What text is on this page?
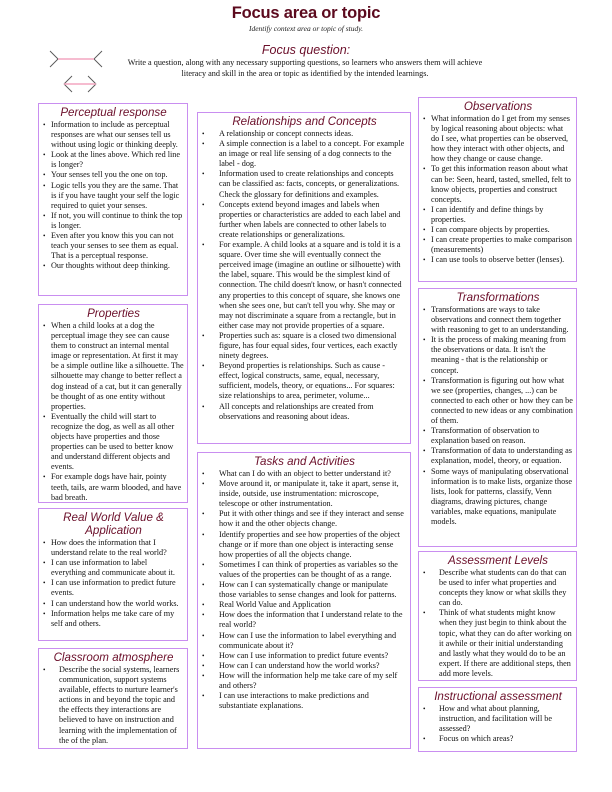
Focus area or topic
Identify context area or topic of study.
Focus question:
Write a question, along with any necessary supporting questions, so learners who answers them will achieve literacy and skill in the area or topic as identified by the intended learnings.
Perceptual response
• Information to include as perceptual responses are what our senses tell us without using logic or thinking deeply.
• Look at the lines above. Which red line is longer?
• Your senses tell you the one on top.
• Logic tells you they are the same. That is if you have taught your self the logic required to quiet your senses.
• If not, you will continue to think the top is longer.
• Even after you know this you can not teach your senses to see them as equal. That is a perceptual response.
• Our thoughts without deep thinking.
Properties
• When a child looks at a dog the perceptual image they see can cause them to construct an internal mental image or representation. At first it may be a simple outline like a silhouette. The silhouette may change to better reflect a dog instead of a cat, but it can generally be thought of as one entity without properties.
• Eventually the child will start to recognize the dog, as well as all other objects have properties and those properties can be used to better know and understand different objects and events.
• For example dogs have hair, pointy teeth, tails, are warm blooded, and have bad breath.
Real World Value & Application
• How does the information that I understand relate to the real world?
• I can use information to label everything and communicate about it.
• I can use information to predict future events.
• I can understand how the world works.
• Information helps me take care of my self and others.
Classroom atmosphere
• Describe the social systems, learners communication, support systems available, effects to nurture learner's actions in and beyond the topic and the effects they interactions are believed to have on instruction and learning with the implementation of the of the plan.
Relationships and Concepts
• A relationship or concept connects ideas.
• A simple connection is a label to a concept. For example an image or real life sensing of a dog connects to the label - dog.
• Information used to create relationships and concepts can be classified as: facts, concepts, or generalizations. Check the glossary for definitions and examples.
• Concepts extend beyond images and labels when properties or characteristics are added to each label and further when labels are connected to other labels to create relationships or generalizations.
• For example. A child looks at a square and is told it is a square. Over time she will eventually connect the perceived image (imagine an outline or silhouette) with the label, square. This would be the simplest kind of connection. The child doesn't know, or hasn't connected any properties to this concept of square, she knows one when she sees one, but can't tell you why. She may or may not discriminate a square from a rectangle, but in either case may not provide properties of a square.
• Properties such as: square is a closed two dimensional figure, has four equal sides, four vertices, each exactly ninety degrees.
• Beyond properties is relationships. Such as cause - effect, logical constructs, same, equal, necessary, sufficient, models, theory, or equations... For squares: size relationships to area, perimeter, volume...
• All concepts and relationships are created from observations and reasoning about ideas.
Tasks and Activities
• What can I do with an object to better understand it?
• Move around it, or manipulate it, take it apart, sense it, inside, outside, use instrumentation: microscope, telescope or other instrumentation.
• Put it with other things and see if they interact and sense how it and the other objects change.
• Identify properties and see how properties of the object change or if more than one object is interacting sense how properties of all the objects change.
• Sometimes I can think of properties as variables so the values of the properties can be thought of as a range.
• How can I can systematically change or manipulate those variables to sense changes and look for patterns.
• Real World Value and Application
• How does the information that I understand relate to the real world?
• How can I use the information to label everything and communicate about it?
• How can I use information to predict future events?
• How can I can understand how the world works?
• How will the information help me take care of my self and others?
• I can use interactions to make predictions and substantiate explanations.
Observations
• What information do I get from my senses by logical reasoning about objects: what do I see, what properties can be observed, how they interact with other objects, and how they change or cause change.
• To get this information reason about what can be: Seen, heard, tasted, smelled, felt to know objects, properties and construct concepts.
• I can identify and define things by properties.
• I can compare objects by properties.
• I can create properties to make comparison (measurements)
• I can use tools to observe better (lenses).
Transformations
• Transformations are ways to take observations and connect them together with reasoning to get to an understanding.
• It is the process of making meaning from the observations or data. It isn't the meaning - that is the relationship or concept.
• Transformation is figuring out how what we see (properties, changes, ...) can be connected to each other or how they can be connected to new ideas or any combination of them.
• Transformation of observation to explanation based on reason.
• Transformation of data to understanding as explanation, model, theory, or equation.
• Some ways of manipulating observational information is to make lists, organize those lists, look for patterns, classify, Venn diagrams, drawing pictures, change variables, make equations, manipulate models.
Assessment Levels
• Describe what students can do that can be used to infer what properties and concepts they know or what skills they can do.
• Think of what students might know when they just begin to think about the topic, what they can do after working on it awhile or their initial understanding and lastly what they would do to be an expert. If there are additional steps, then add more levels.
Instructional assessment
• How and what about planning, instruction, and facilitation will be assessed?
• Focus on which areas?
